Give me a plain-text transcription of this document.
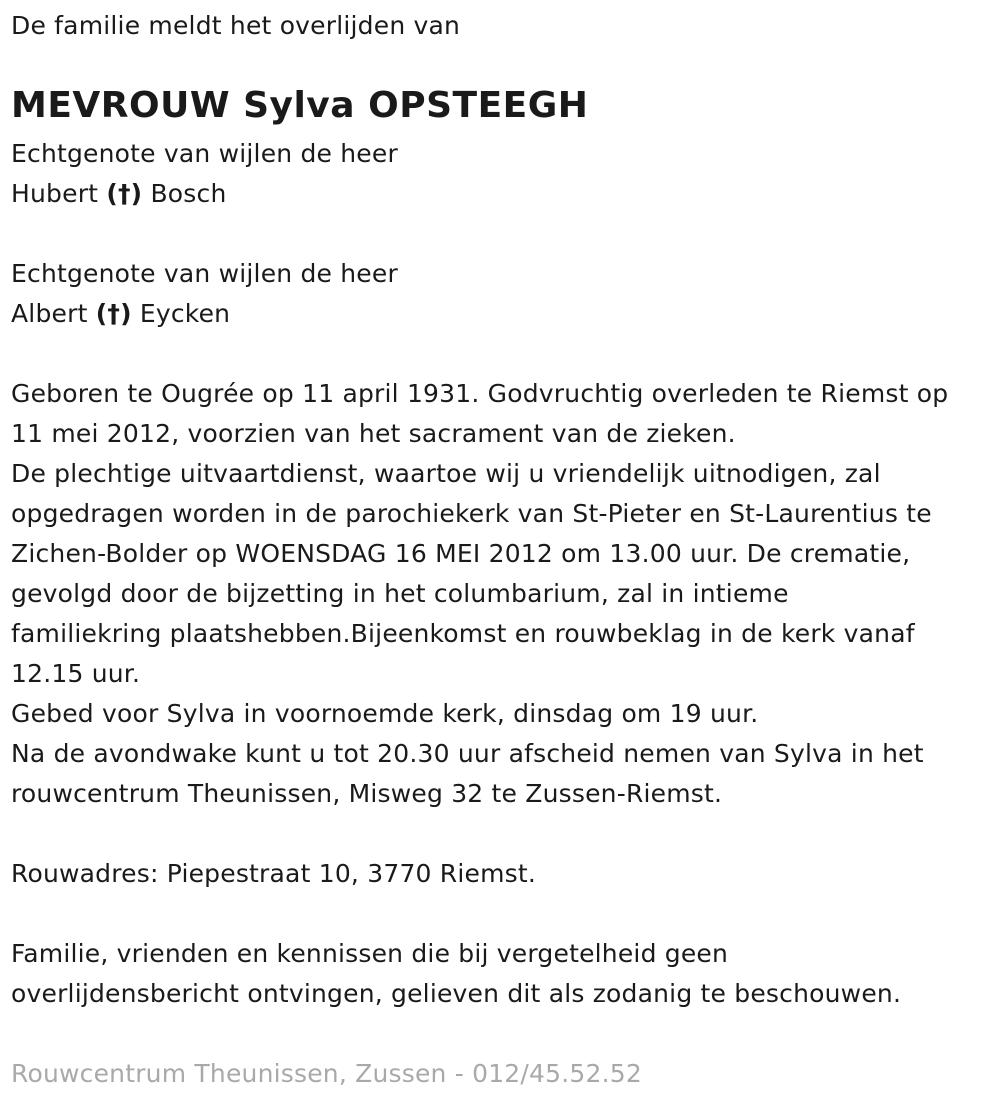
De familie meldt het overlijden van
MEVROUW Sylva OPSTEEGH
Echtgenote van wijlen de heer
Hubert (†) Bosch
Echtgenote van wijlen de heer
Albert (†) Eycken
Geboren te Ougrée op 11 april 1931. Godvruchtig overleden te Riemst op
11 mei 2012, voorzien van het sacrament van de zieken.
De plechtige uitvaartdienst, waartoe wij u vriendelijk uitnodigen, zal
opgedragen worden in de parochiekerk van St-Pieter en St-Laurentius te
Zichen-Bolder op WOENSDAG 16 MEI 2012 om 13.00 uur. De crematie,
gevolgd door de bijzetting in het columbarium, zal in intieme
familiekring plaatshebben.Bijeenkomst en rouwbeklag in de kerk vanaf
12.15 uur.
Gebed voor Sylva in voornoemde kerk, dinsdag om 19 uur.
Na de avondwake kunt u tot 20.30 uur afscheid nemen van Sylva in het
rouwcentrum Theunissen, Misweg 32 te Zussen-Riemst.
Rouwadres: Piepestraat 10, 3770 Riemst.
Familie, vrienden en kennissen die bij vergetelheid geen
overlijdensbericht ontvingen, gelieven dit als zodanig te beschouwen.
Rouwcentrum Theunissen, Zussen - 012/45.52.52
